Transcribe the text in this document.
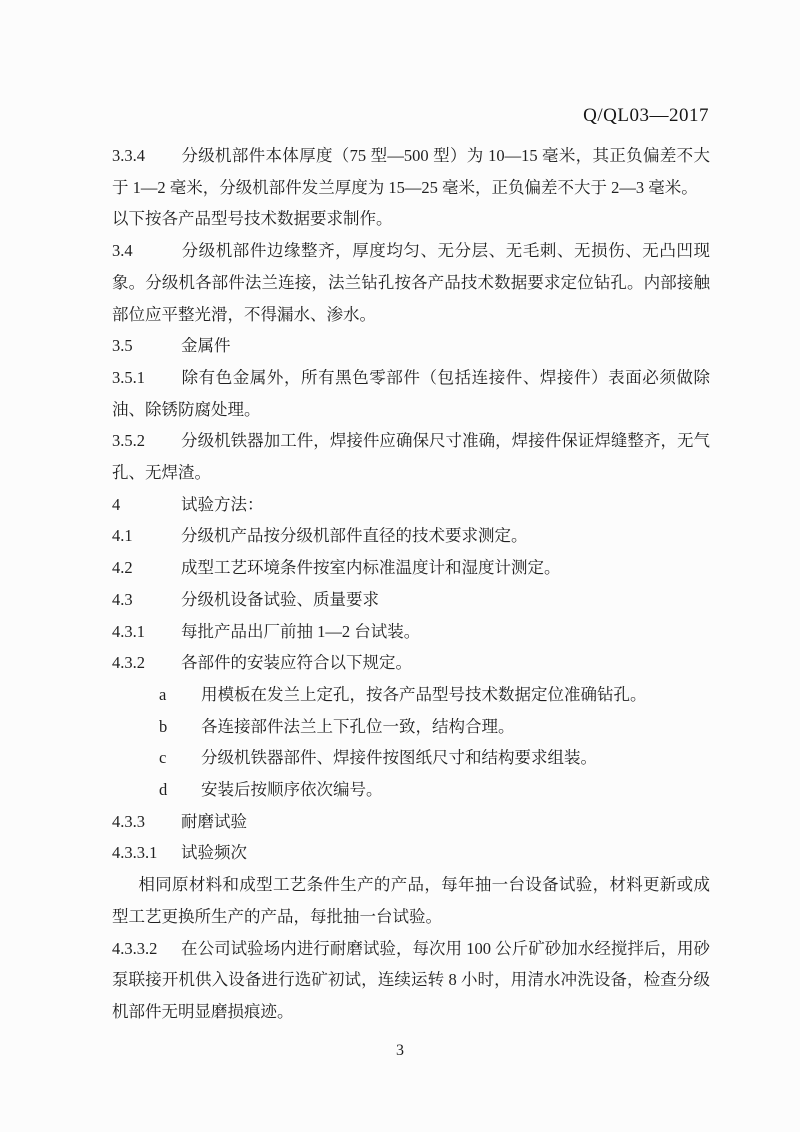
Q/QL03—2017

3.3.4 分级机部件本体厚度（75 型—500 型）为 10—15 毫米，其正负偏差不大于 1—2 毫米，分级机部件发兰厚度为 15—25 毫米，正负偏差不大于 2—3 毫米。

以下按各产品型号技术数据要求制作。

3.4	分级机部件边缘整齐，厚度均匀、无分层、无毛刺、无损伤、无凸凹现象。分级机各部件法兰连接，法兰钻孔按各产品技术数据要求定位钻孔。内部接触部位应平整光滑，不得漏水、渗水。

3.5	金属件

3.5.1 除有色金属外，所有黑色零部件（包括连接件、焊接件）表面必须做除油、除锈防腐处理。

3.5.2 分级机铁器加工件，焊接件应确保尺寸准确，焊接件保证焊缝整齐，无气孔、无焊渣。

4	试验方法：

4.1	分级机产品按分级机部件直径的技术要求测定。

4.2	成型工艺环境条件按室内标准温度计和湿度计测定。

4.3	分级机设备试验、质量要求

4.3.1 每批产品出厂前抽 1—2 台试装。

4.3.2 各部件的安装应符合以下规定。

a 用模板在发兰上定孔，按各产品型号技术数据定位准确钻孔。

b 各连接部件法兰上下孔位一致，结构合理。

c 分级机铁器部件、焊接件按图纸尺寸和结构要求组装。

d 安装后按顺序依次编号。

4.3.3 耐磨试验

4.3.3.1 试验频次

相同原材料和成型工艺条件生产的产品，每年抽一台设备试验，材料更新或成型工艺更换所生产的产品，每批抽一台试验。

4.3.3.2 在公司试验场内进行耐磨试验，每次用 100 公斤矿砂加水经搅拌后，用砂泵联接开机供入设备进行选矿初试，连续运转 8 小时，用清水冲洗设备，检查分级机部件无明显磨损痕迹。

3
